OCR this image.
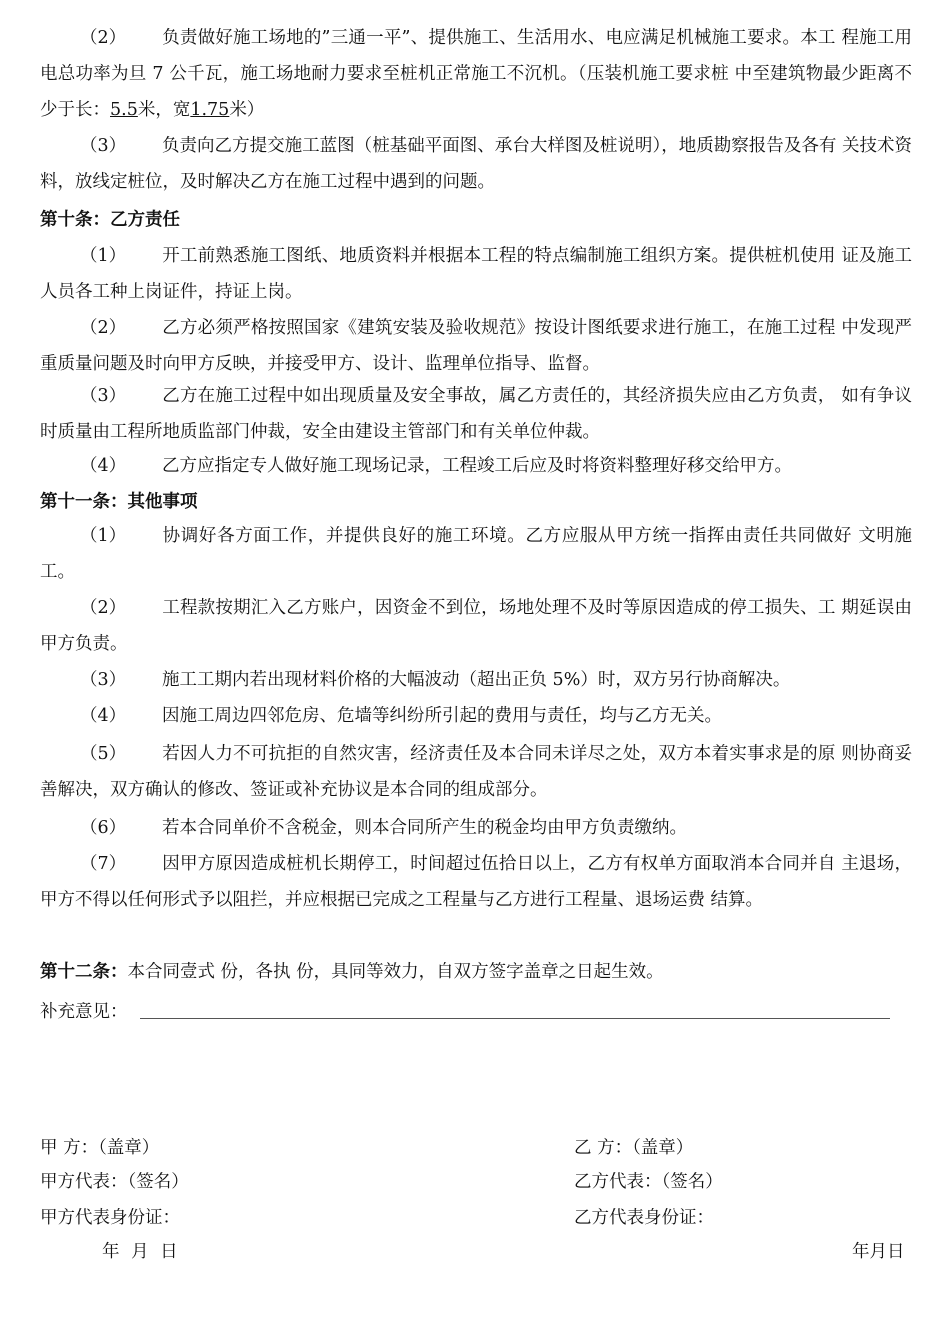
（2） 负责做好施工场地的”三通一平”、提供施工、生活用水、电应满足机械施工要求。本工 程施工用电总功率为旦 7 公千瓦，施工场地耐力要求至桩机正常施工不沉机。（压装机施工要求桩 中至建筑物最少距离不少于长：5.5米，宽1.75米）

（3） 负责向乙方提交施工蓝图（桩基础平面图、承台大样图及桩说明），地质勘察报告及各有 关技术资料，放线定桩位，及时解决乙方在施工过程中遇到的问题。

第十条：乙方责任

（1） 开工前熟悉施工图纸、地质资料并根据本工程的特点编制施工组织方案。提供桩机使用 证及施工人员各工种上岗证件，持证上岗。

（2） 乙方必须严格按照国家《建筑安装及验收规范》按设计图纸要求进行施工，在施工过程 中发现严重质量问题及时向甲方反映，并接受甲方、设计、监理单位指导、监督。

（3） 乙方在施工过程中如出现质量及安全事故，属乙方责任的，其经济损失应由乙方负责， 如有争议时质量由工程所地质监部门仲裁，安全由建设主管部门和有关单位仲裁。

（4） 乙方应指定专人做好施工现场记录，工程竣工后应及时将资料整理好移交给甲方。

第十一条：其他事项

（1） 协调好各方面工作，并提供良好的施工环境。乙方应服从甲方统一指挥由责任共同做好 文明施工。

（2） 工程款按期汇入乙方账户，因资金不到位，场地处理不及时等原因造成的停工损失、工 期延误由甲方负责。

（3） 施工工期内若出现材料价格的大幅波动（超出正负 5%）时，双方另行协商解决。

（4） 因施工周边四邻危房、危墙等纠纷所引起的费用与责任，均与乙方无关。

（5） 若因人力不可抗拒的自然灾害，经济责任及本合同未详尽之处，双方本着实事求是的原 则协商妥善解决，双方确认的修改、签证或补充协议是本合同的组成部分。

（6） 若本合同单价不含税金，则本合同所产生的税金均由甲方负责缴纳。

（7） 因甲方原因造成桩机长期停工，时间超过伍拾日以上，乙方有权单方面取消本合同并自 主退场，甲方不得以任何形式予以阻拦，并应根据已完成之工程量与乙方进行工程量、退场运费 结算。

第十二条：本合同壹式 份，各执 份，具同等效力，自双方签字盖章之日起生效。

补充意见：
甲 方：（盖章）
甲方代表：（签名）
甲方代表身份证：
年 月 日
乙 方：（盖章）
乙方代表：（签名）
乙方代表身份证：
年月日
